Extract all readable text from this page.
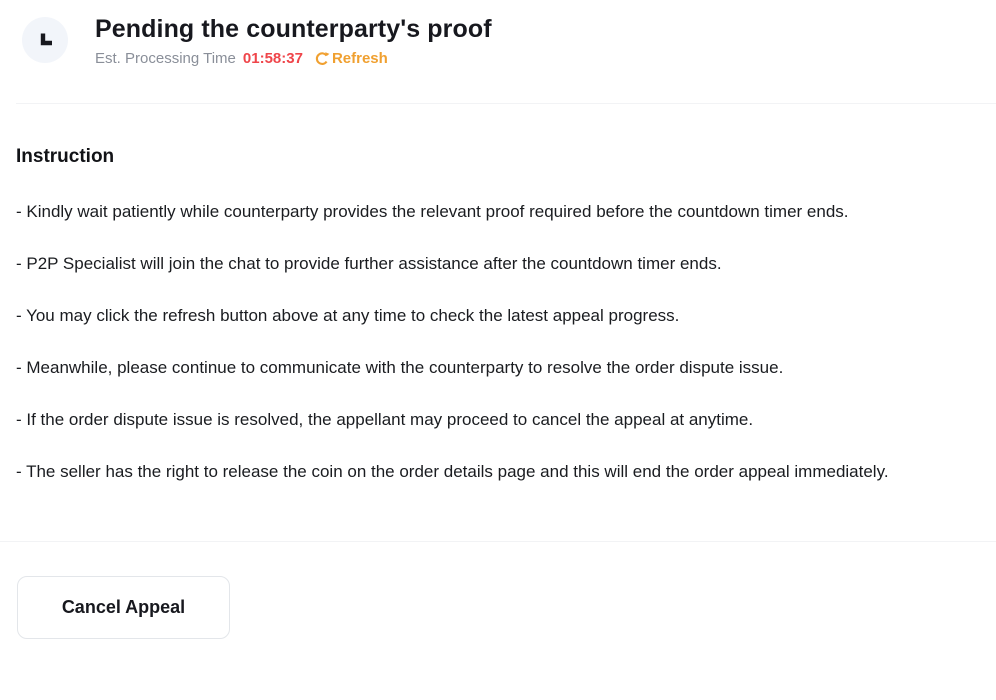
Pending the counterparty's proof
Est. Processing Time 01:58:37 Refresh
Instruction

- Kindly wait patiently while counterparty provides the relevant proof required before the countdown timer ends.

- P2P Specialist will join the chat to provide further assistance after the countdown timer ends.

- You may click the refresh button above at any time to check the latest appeal progress.

- Meanwhile, please continue to communicate with the counterparty to resolve the order dispute issue.

- If the order dispute issue is resolved, the appellant may proceed to cancel the appeal at anytime.

- The seller has the right to release the coin on the order details page and this will end the order appeal immediately.

Cancel Appeal
